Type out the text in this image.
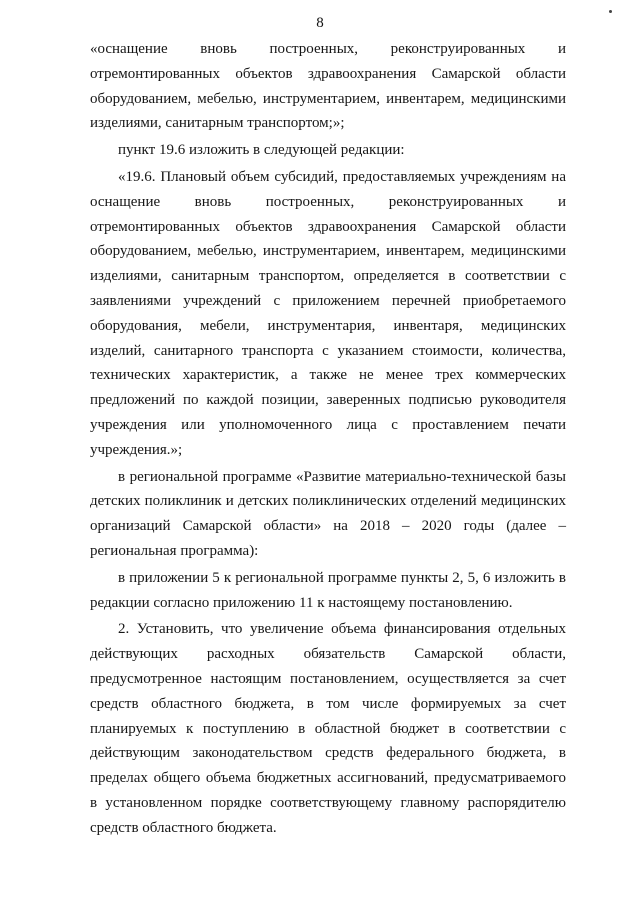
8

«оснащение вновь построенных, реконструированных и отремонтированных объектов здравоохранения Самарской области оборудованием, мебелью, инструментарием, инвентарем, медицинскими изделиями, санитарным транспортом;»;

пункт 19.6 изложить в следующей редакции:

«19.6. Плановый объем субсидий, предоставляемых учреждениям на оснащение вновь построенных, реконструированных и отремонтированных объектов здравоохранения Самарской области оборудованием, мебелью, инструментарием, инвентарем, медицинскими изделиями, санитарным транспортом, определяется в соответствии с заявлениями учреждений с приложением перечней приобретаемого оборудования, мебели, инструментария, инвентаря, медицинских изделий, санитарного транспорта с указанием стоимости, количества, технических характеристик, а также не менее трех коммерческих предложений по каждой позиции, заверенных подписью руководителя учреждения или уполномоченного лица с проставлением печати учреждения.»;

в региональной программе «Развитие материально-технической базы детских поликлиник и детских поликлинических отделений медицинских организаций Самарской области» на 2018 – 2020 годы (далее – региональная программа):

в приложении 5 к региональной программе пункты 2, 5, 6 изложить в редакции согласно приложению 11 к настоящему постановлению.

2. Установить, что увеличение объема финансирования отдельных действующих расходных обязательств Самарской области, предусмотренное настоящим постановлением, осуществляется за счет средств областного бюджета, в том числе формируемых за счет планируемых к поступлению в областной бюджет в соответствии с действующим законодательством средств федерального бюджета, в пределах общего объема бюджетных ассигнований, предусматриваемого в установленном порядке соответствующему главному распорядителю средств областного бюджета.
